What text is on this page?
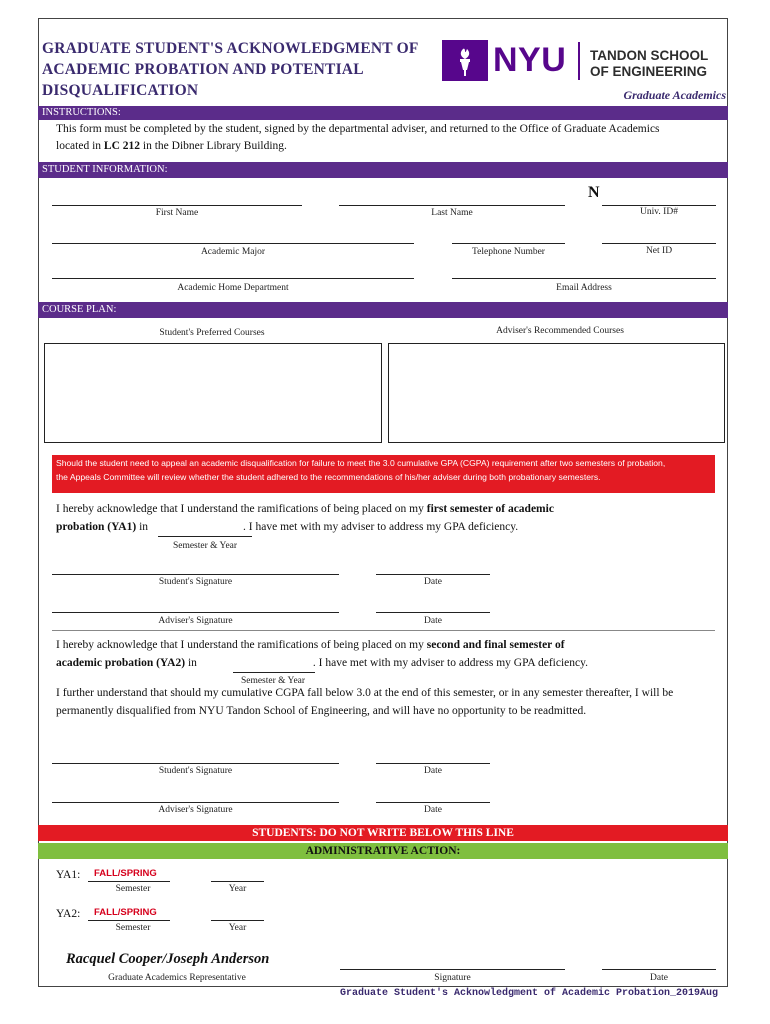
GRADUATE STUDENT'S ACKNOWLEDGMENT OF ACADEMIC PROBATION AND POTENTIAL DISQUALIFICATION
NYU TANDON SCHOOL
OF ENGINEERING
Graduate Academics
INSTRUCTIONS:
This form must be completed by the student, signed by the departmental adviser, and returned to the Office of Graduate Academics
located in LC 212 in the Dibner Library Building.
STUDENT INFORMATION:
N
First Name	Last Name	Univ. ID#
Academic Major	Telephone Number	Net ID
Academic Home Department	Email Address
COURSE PLAN:
Student's Preferred Courses	Adviser's Recommended Courses
Should the student need to appeal an academic disqualification for failure to meet the 3.0 cumulative GPA (CGPA) requirement after two semesters of probation,
the Appeals Committee will review whether the student adhered to the recommendations of his/her adviser during both probationary semesters.
I hereby acknowledge that I understand the ramifications of being placed on my first semester of academic
probation (YA1) in	. I have met with my adviser to address my GPA deficiency.
Semester & Year
Student's Signature	Date
Adviser's Signature	Date
I hereby acknowledge that I understand the ramifications of being placed on my second and final semester of
academic probation (YA2) in	. I have met with my adviser to address my GPA deficiency.
Semester & Year
I further understand that should my cumulative CGPA fall below 3.0 at the end of this semester, or in any semester thereafter, I will be
permanently disqualified from NYU Tandon School of Engineering, and will have no opportunity to be readmitted.
Student's Signature	Date
Adviser's Signature	Date
STUDENTS: DO NOT WRITE BELOW THIS LINE
ADMINISTRATIVE ACTION:
YA1: FALL/SPRING
Semester	Year
YA2: FALL/SPRING
Semester	Year
Racquel Cooper/Joseph Anderson
Graduate Academics Representative	Signature	Date
Graduate Student's Acknowledgment of Academic Probation_2019Aug
